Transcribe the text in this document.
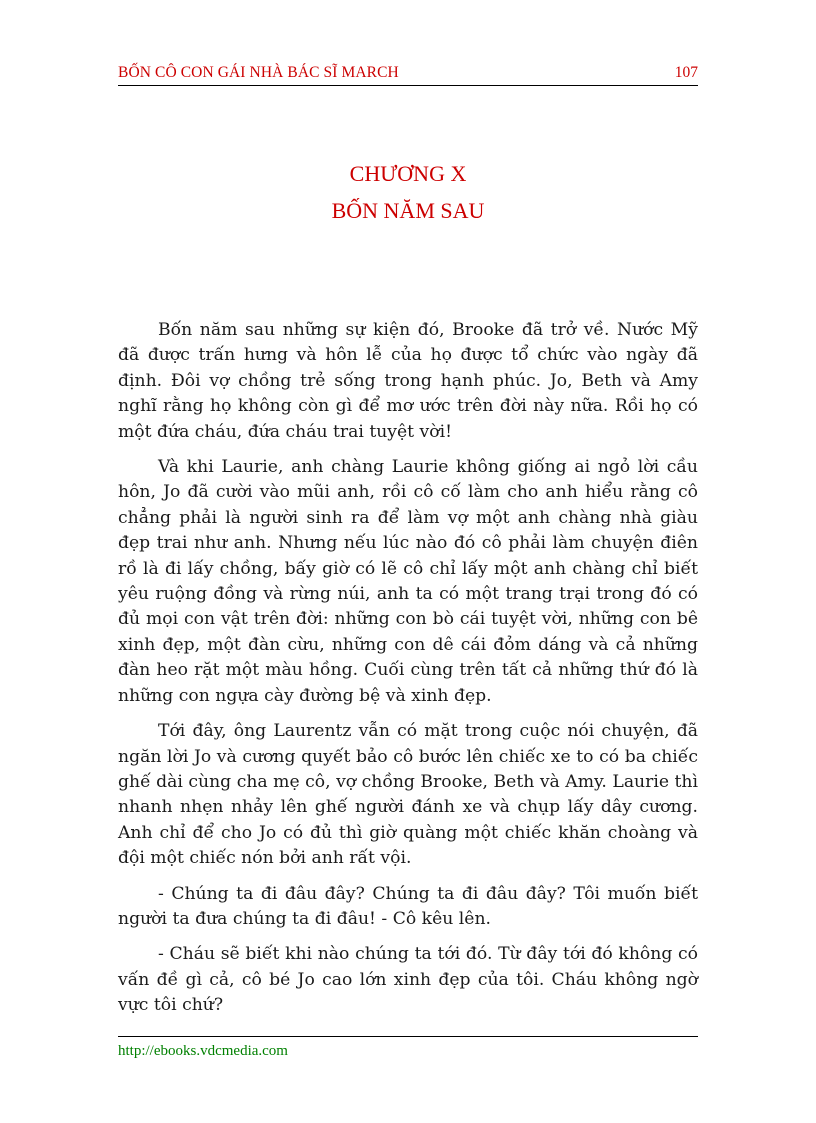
BỐN CÔ CON GÁI NHÀ BÁC SĨ MARCH	107
CHƯƠNG X
BỐN NĂM SAU

Bốn năm sau những sự kiện đó, Brooke đã trở về. Nước Mỹ đã được trấn hưng và hôn lễ của họ được tổ chức vào ngày đã định. Đôi vợ chồng trẻ sống trong hạnh phúc. Jo, Beth và Amy nghĩ rằng họ không còn gì để mơ ước trên đời này nữa. Rồi họ có một đứa cháu, đứa cháu trai tuyệt vời!

Và khi Laurie, anh chàng Laurie không giống ai ngỏ lời cầu hôn, Jo đã cười vào mũi anh, rồi cô cố làm cho anh hiểu rằng cô chẳng phải là người sinh ra để làm vợ một anh chàng nhà giàu đẹp trai như anh. Nhưng nếu lúc nào đó cô phải làm chuyện điên rồ là đi lấy chồng, bấy giờ có lẽ cô chỉ lấy một anh chàng chỉ biết yêu ruộng đồng và rừng núi, anh ta có một trang trại trong đó có đủ mọi con vật trên đời: những con bò cái tuyệt vời, những con bê xinh đẹp, một đàn cừu, những con dê cái đỏm dáng và cả những đàn heo rặt một màu hồng. Cuối cùng trên tất cả những thứ đó là những con ngựa cày đường bệ và xinh đẹp.

Tới đây, ông Laurentz vẫn có mặt trong cuộc nói chuyện, đã ngăn lời Jo và cương quyết bảo cô bước lên chiếc xe to có ba chiếc ghế dài cùng cha mẹ cô, vợ chồng Brooke, Beth và Amy. Laurie thì nhanh nhẹn nhảy lên ghế người đánh xe và chụp lấy dây cương. Anh chỉ để cho Jo có đủ thì giờ quàng một chiếc khăn choàng và đội một chiếc nón bởi anh rất vội.

- Chúng ta đi đâu đây? Chúng ta đi đâu đây? Tôi muốn biết người ta đưa chúng ta đi đâu! - Cô kêu lên.

- Cháu sẽ biết khi nào chúng ta tới đó. Từ đây tới đó không có vấn đề gì cả, cô bé Jo cao lớn xinh đẹp của tôi. Cháu không ngờ vực tôi chứ?

http://ebooks.vdcmedia.com
